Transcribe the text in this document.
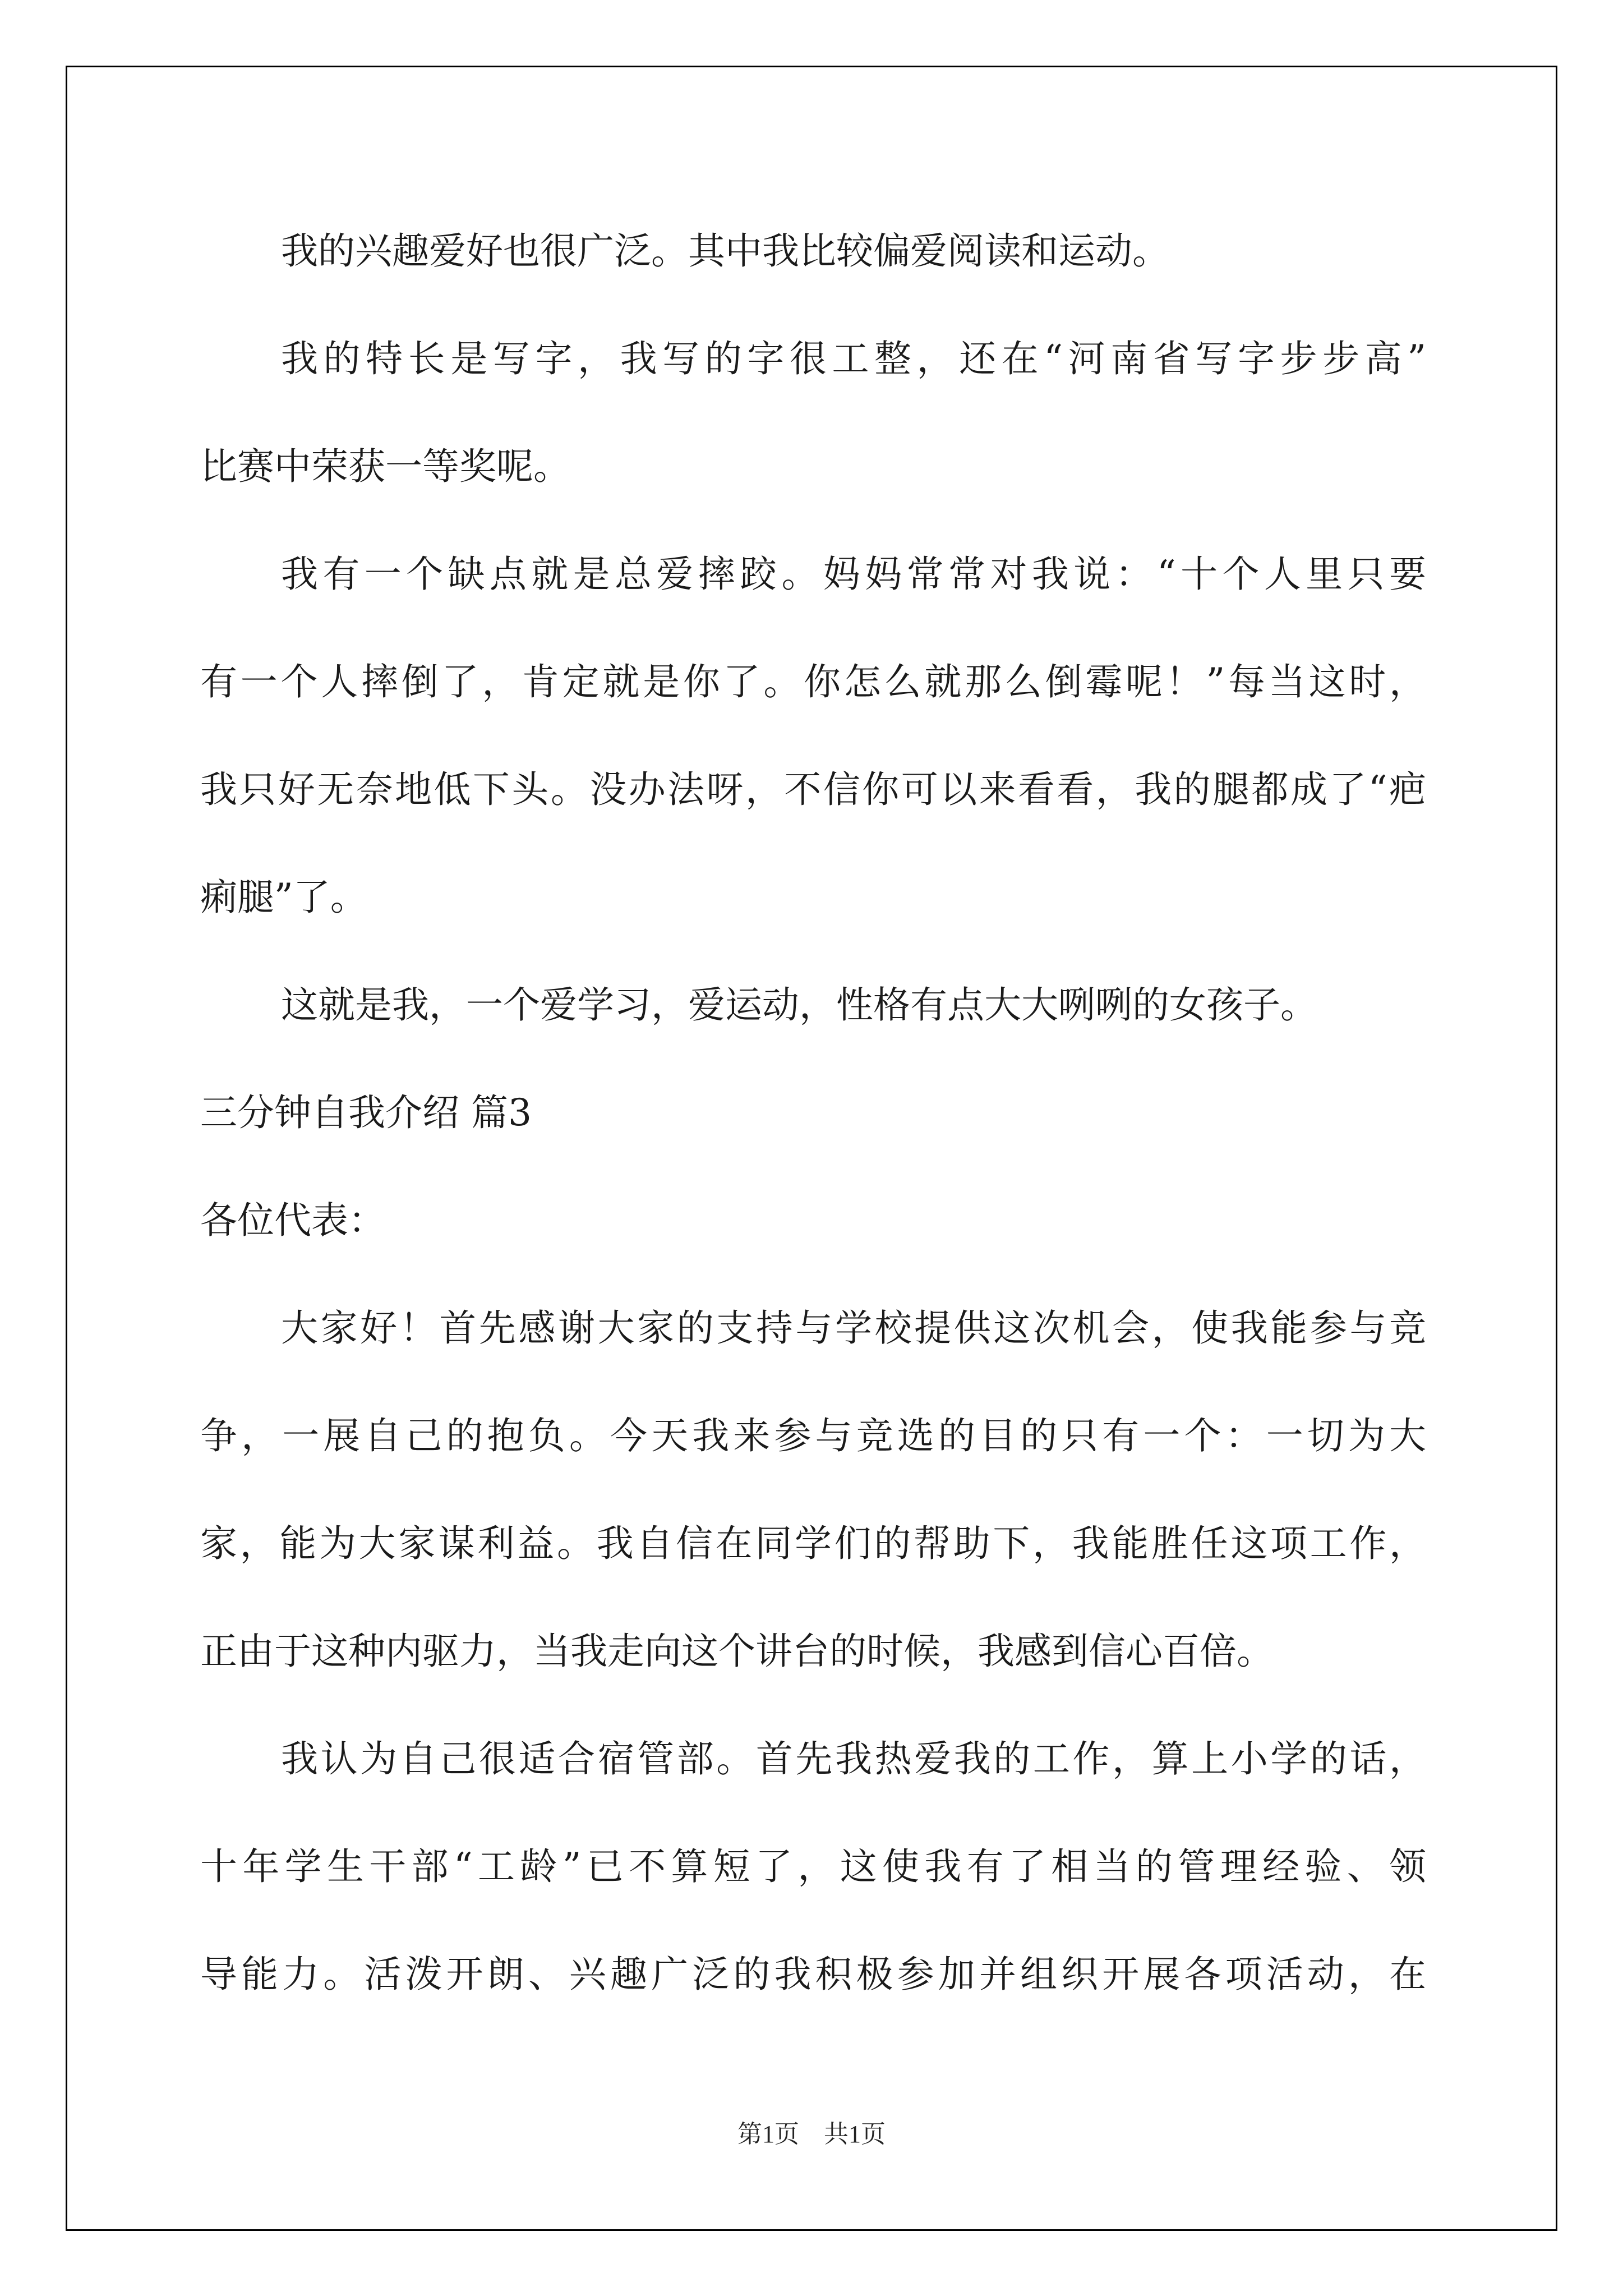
我的兴趣爱好也很广泛。其中我比较偏爱阅读和运动。
我的特长是写字，我写的字很工整，还在“河南省写字步步高”
比赛中荣获一等奖呢。
我有一个缺点就是总爱摔跤。妈妈常常对我说：“十个人里只要
有一个人摔倒了，肯定就是你了。你怎么就那么倒霉呢！”每当这时，
我只好无奈地低下头。没办法呀，不信你可以来看看，我的腿都成了“疤
痢腿”了。
这就是我，一个爱学习，爱运动，性格有点大大咧咧的女孩子。
三分钟自我介绍 篇3
各位代表：
大家好！首先感谢大家的支持与学校提供这次机会，使我能参与竞
争，一展自己的抱负。今天我来参与竞选的目的只有一个：一切为大
家，能为大家谋利益。我自信在同学们的帮助下，我能胜任这项工作，
正由于这种内驱力，当我走向这个讲台的时候，我感到信心百倍。
我认为自己很适合宿管部。首先我热爱我的工作，算上小学的话，
十年学生干部“工龄”已不算短了，这使我有了相当的管理经验、领
导能力。活泼开朗、兴趣广泛的我积极参加并组织开展各项活动，在
第1页　共1页
